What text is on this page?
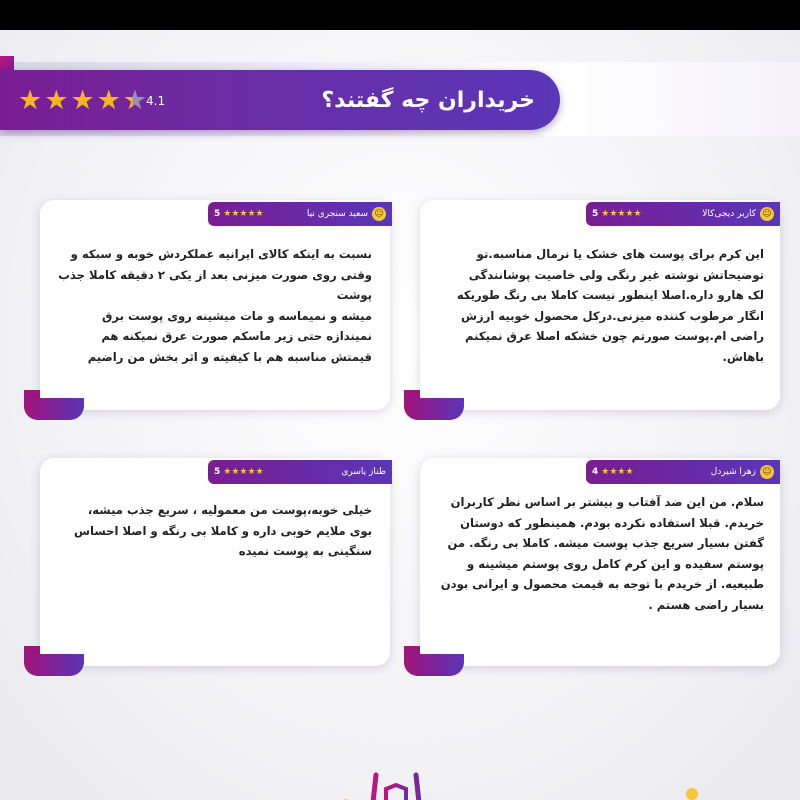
خریداران چه گفتند؟
★ ★ ★ ★ ★
4.1
☺
سعید سنجری نیا
5 ★★★★★
نسبت به اینکه کالای ایرانیه عملکردش خوبه و سبکه و
وقتی روی صورت میزنی بعد از یکی ۲ دقیقه کاملا جذب پوشت
میشه و نمیماسه و مات میشینه روی پوست برق
نمیندازه حتی زیر ماسکم صورت عرق نمیکنه هم
قیمتش مناسبه هم با کیفیته و اثر بخش من راضیم
☺
کاربر دیجی‌کالا
5 ★★★★★
این کرم برای پوست های خشک یا نرمال مناسبه.تو
توضیحاتش نوشته غیر رنگی ولی خاصیت پوشانندگی
لک هارو داره.اصلا اینطور نیست کاملا بی رنگ طوریکه
انگار مرطوب کننده میزنی.درکل محصول خوبیه ارزش
راضی ام.پوست صورتم چون خشکه اصلا عرق نمیکنم
باهاش.
طناز یاسری
5 ★★★★★
خیلی خوبه،پوست من معمولیه ، سریع جذب میشه،
بوی ملایم خوبی داره و کاملا بی رنگه و اصلا احساس
سنگینی به پوست نمیده
☺
زهرا شیردل
4 ★★★★
سلام. من این ضد آفتاب و بیشتر بر اساس نظر کاربران
خریدم. قبلا استفاده نکرده بودم. همینطور که دوستان
گفتن بسیار سریع جذب پوست میشه. کاملا بی رنگه. من
پوستم سفیده و این کرم کامل روی پوستم میشینه و
طبیعیه. از خریدم با توجه به قیمت محصول و ایرانی بودن
بسیار راضی هستم .
